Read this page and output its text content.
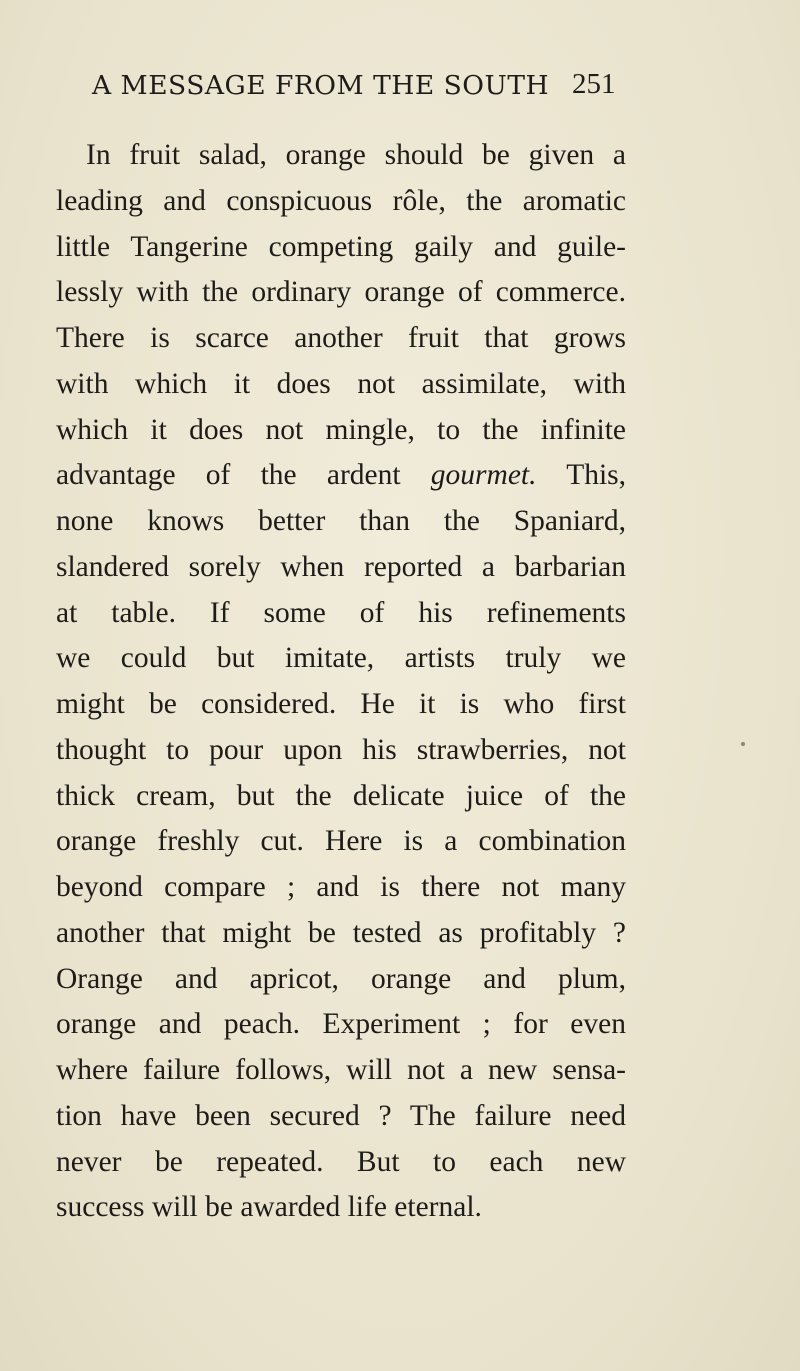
A MESSAGE FROM THE SOUTH 251
In fruit salad, orange should be given a
leading and conspicuous rôle, the aromatic
little Tangerine competing gaily and guile-
lessly with the ordinary orange of commerce.
There is scarce another fruit that grows
with which it does not assimilate, with
which it does not mingle, to the infinite
advantage of the ardent gourmet. This,
none knows better than the Spaniard,
slandered sorely when reported a barbarian
at table. If some of his refinements
we could but imitate, artists truly we
might be considered. He it is who first
thought to pour upon his strawberries, not
thick cream, but the delicate juice of the
orange freshly cut. Here is a combination
beyond compare ; and is there not many
another that might be tested as profitably ?
Orange and apricot, orange and plum,
orange and peach. Experiment ; for even
where failure follows, will not a new sensa-
tion have been secured ? The failure need
never be repeated. But to each new
success will be awarded life eternal.
